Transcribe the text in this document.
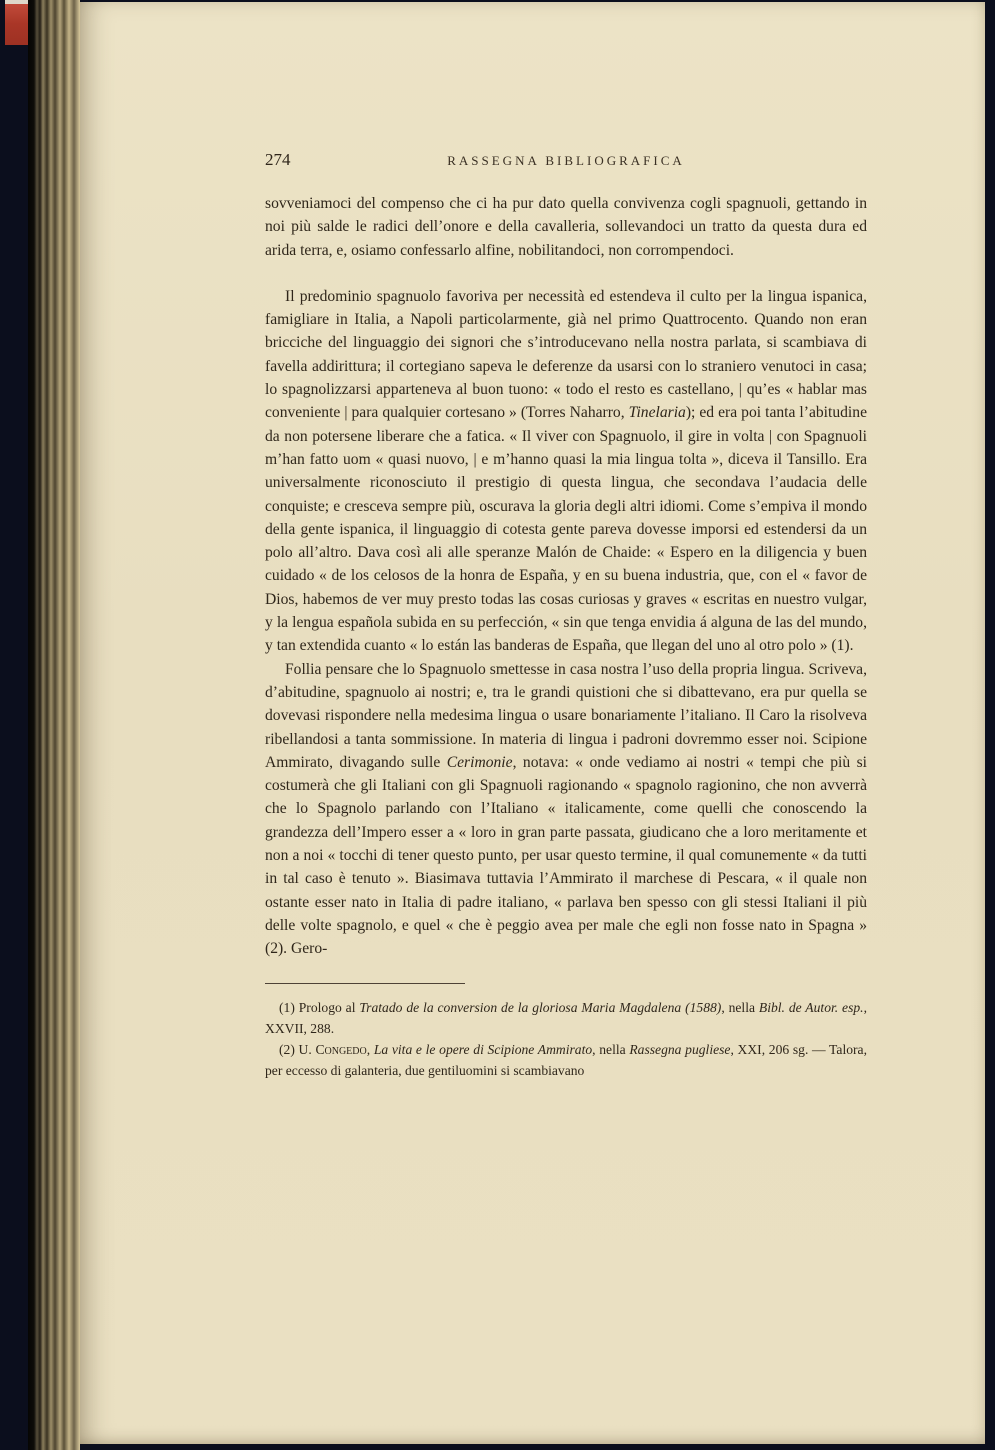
274	RASSEGNA BIBLIOGRAFICA

sovveniamoci del compenso che ci ha pur dato quella convivenza cogli spagnuoli, gettando in noi più salde le radici dell’onore e della cavalleria, sollevandoci un tratto da questa dura ed arida terra, e, osiamo confessarlo alfine, nobilitandoci, non corrompendoci.

Il predominio spagnuolo favoriva per necessità ed estendeva il culto per la lingua ispanica, famigliare in Italia, a Napoli particolarmente, già nel primo Quattrocento. Quando non eran bricciche del linguaggio dei signori che s’introducevano nella nostra parlata, si scambiava di favella addirittura; il cortegiano sapeva le deferenze da usarsi con lo straniero venutoci in casa; lo spagnolizzarsi apparteneva al buon tuono: « todo el resto es castellano, | qu’es « hablar mas conveniente | para qualquier cortesano » (Torres Naharro, Tinelaria); ed era poi tanta l’abitudine da non potersene liberare che a fatica. « Il viver con Spagnuolo, il gire in volta | con Spagnuoli m’han fatto uom « quasi nuovo, | e m’hanno quasi la mia lingua tolta », diceva il Tansillo. Era universalmente riconosciuto il prestigio di questa lingua, che secondava l’audacia delle conquiste; e cresceva sempre più, oscurava la gloria degli altri idiomi. Come s’empiva il mondo della gente ispanica, il linguaggio di cotesta gente pareva dovesse imporsi ed estendersi da un polo all’altro. Dava così ali alle speranze Malón de Chaide: « Espero en la diligencia y buen cuidado « de los celosos de la honra de España, y en su buena industria, que, con el « favor de Dios, habemos de ver muy presto todas las cosas curiosas y graves « escritas en nuestro vulgar, y la lengua española subida en su perfección, « sin que tenga envidia á alguna de las del mundo, y tan extendida cuanto « lo están las banderas de España, que llegan del uno al otro polo » (1).

Follia pensare che lo Spagnuolo smettesse in casa nostra l’uso della propria lingua. Scriveva, d’abitudine, spagnuolo ai nostri; e, tra le grandi quistioni che si dibattevano, era pur quella se dovevasi rispondere nella medesima lingua o usare bonariamente l’italiano. Il Caro la risolveva ribellandosi a tanta sommissione. In materia di lingua i padroni dovremmo esser noi. Scipione Ammirato, divagando sulle Cerimonie, notava: « onde vediamo ai nostri « tempi che più si costumerà che gli Italiani con gli Spagnuoli ragionando « spagnolo ragionino, che non avverrà che lo Spagnolo parlando con l’Italiano « italicamente, come quelli che conoscendo la grandezza dell’Impero esser a « loro in gran parte passata, giudicano che a loro meritamente et non a noi « tocchi di tener questo punto, per usar questo termine, il qual comunemente « da tutti in tal caso è tenuto ». Biasimava tuttavia l’Ammirato il marchese di Pescara, « il quale non ostante esser nato in Italia di padre italiano, « parlava ben spesso con gli stessi Italiani il più delle volte spagnolo, e quel « che è peggio avea per male che egli non fosse nato in Spagna » (2). Gero-

(1) Prologo al Tratado de la conversion de la gloriosa Maria Magdalena (1588), nella Bibl. de Autor. esp., XXVII, 288.

(2) U. Congedo, La vita e le opere di Scipione Ammirato, nella Rassegna pugliese, XXI, 206 sg. — Talora, per eccesso di galanteria, due gentiluomini si scambiavano
